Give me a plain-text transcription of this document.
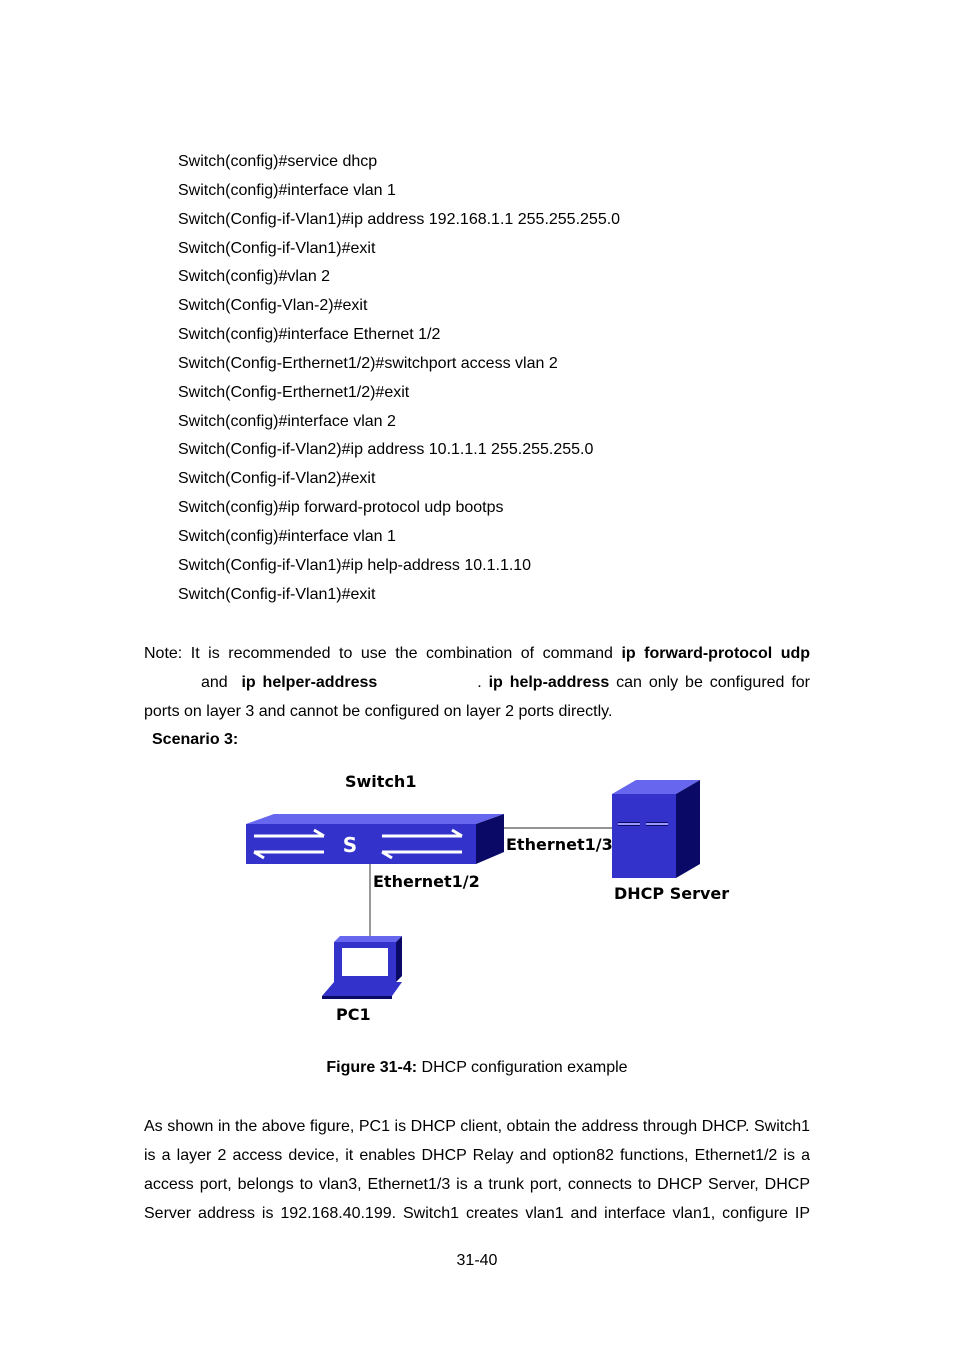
Switch(config)#service dhcp
Switch(config)#interface vlan 1
Switch(Config-if-Vlan1)#ip address 192.168.1.1 255.255.255.0
Switch(Config-if-Vlan1)#exit
Switch(config)#vlan 2
Switch(Config-Vlan-2)#exit
Switch(config)#interface Ethernet 1/2
Switch(Config-Erthernet1/2)#switchport access vlan 2
Switch(Config-Erthernet1/2)#exit
Switch(config)#interface vlan 2
Switch(Config-if-Vlan2)#ip address 10.1.1.1 255.255.255.0
Switch(Config-if-Vlan2)#exit
Switch(config)#ip forward-protocol udp bootps
Switch(config)#interface vlan 1
Switch(Config-if-Vlan1)#ip help-address 10.1.1.10
Switch(Config-if-Vlan1)#exit
Note: It is recommended to use the combination of command ip forward-protocol udp
and ip helper-address	. ip help-address can only be configured for
ports on layer 3 and cannot be configured on layer 2 ports directly.
Scenario 3:
S
Switch1
Ethernet1/3
Ethernet1/2
DHCP Server
PC1
Figure 31-4: DHCP configuration example
As shown in the above figure, PC1 is DHCP client, obtain the address through DHCP. Switch1
is a layer 2 access device, it enables DHCP Relay and option82 functions, Ethernet1/2 is a
access port, belongs to vlan3, Ethernet1/3 is a trunk port, connects to DHCP Server, DHCP
Server address is 192.168.40.199. Switch1 creates vlan1 and interface vlan1, configure IP
31-40
